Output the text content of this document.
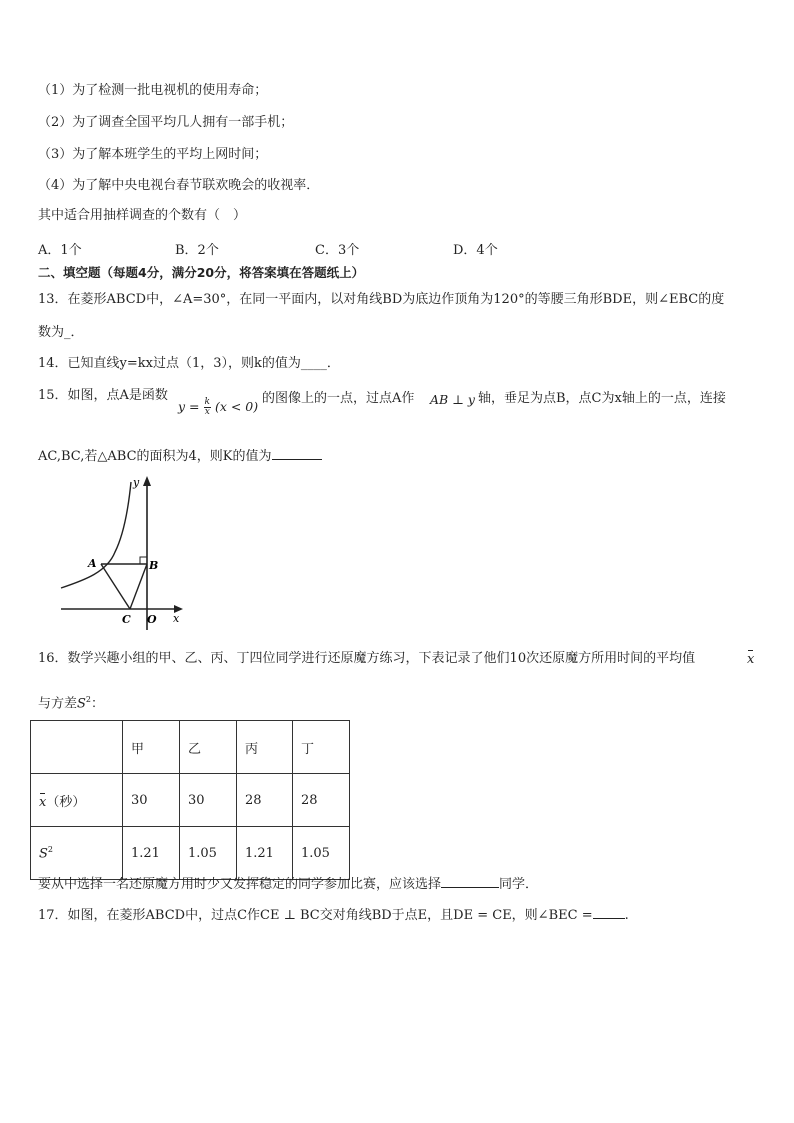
（1）为了检测一批电视机的使用寿命；
（2）为了调查全国平均几人拥有一部手机；
（3）为了解本班学生的平均上网时间；
（4）为了解中央电视台春节联欢晚会的收视率．
其中适合用抽样调查的个数有（　）
A．1个	B．2个	C．3个	D．4个
二、填空题（每题4分，满分20分，将答案填在答题纸上）
13．在菱形ABCD中，∠A=30°，在同一平面内，以对角线BD为底边作顶角为120°的等腰三角形BDE，则∠EBC的度
数为_．
14．已知直线y=kx过点（1，3），则k的值为____．
15．如图，点A是函数
$y = \frac{k}{x} (x < 0)$
的图像上的一点，过点A作 AB ⊥ y 轴，垂足为点B，点C为x轴上的一点，连接
AC,BC,若△ABC的面积为4，则K的值为
y
x
A	B
C O
16．数学兴趣小组的甲、乙、丙、丁四位同学进行还原魔方练习，下表记录了他们10次还原魔方所用时间的平均值	x
与方差$S^2$：
	甲	乙	丙	丁
x（秒）	30	30	28	28
$S^2$	1.21	1.05	1.21	1.05
要从中选择一名还原魔方用时少又发挥稳定的同学参加比赛，应该选择	同学．
17．如图，在菱形ABCD中，过点C作CE ⊥ BC交对角线BD于点E，且DE = CE，则∠BEC = .
